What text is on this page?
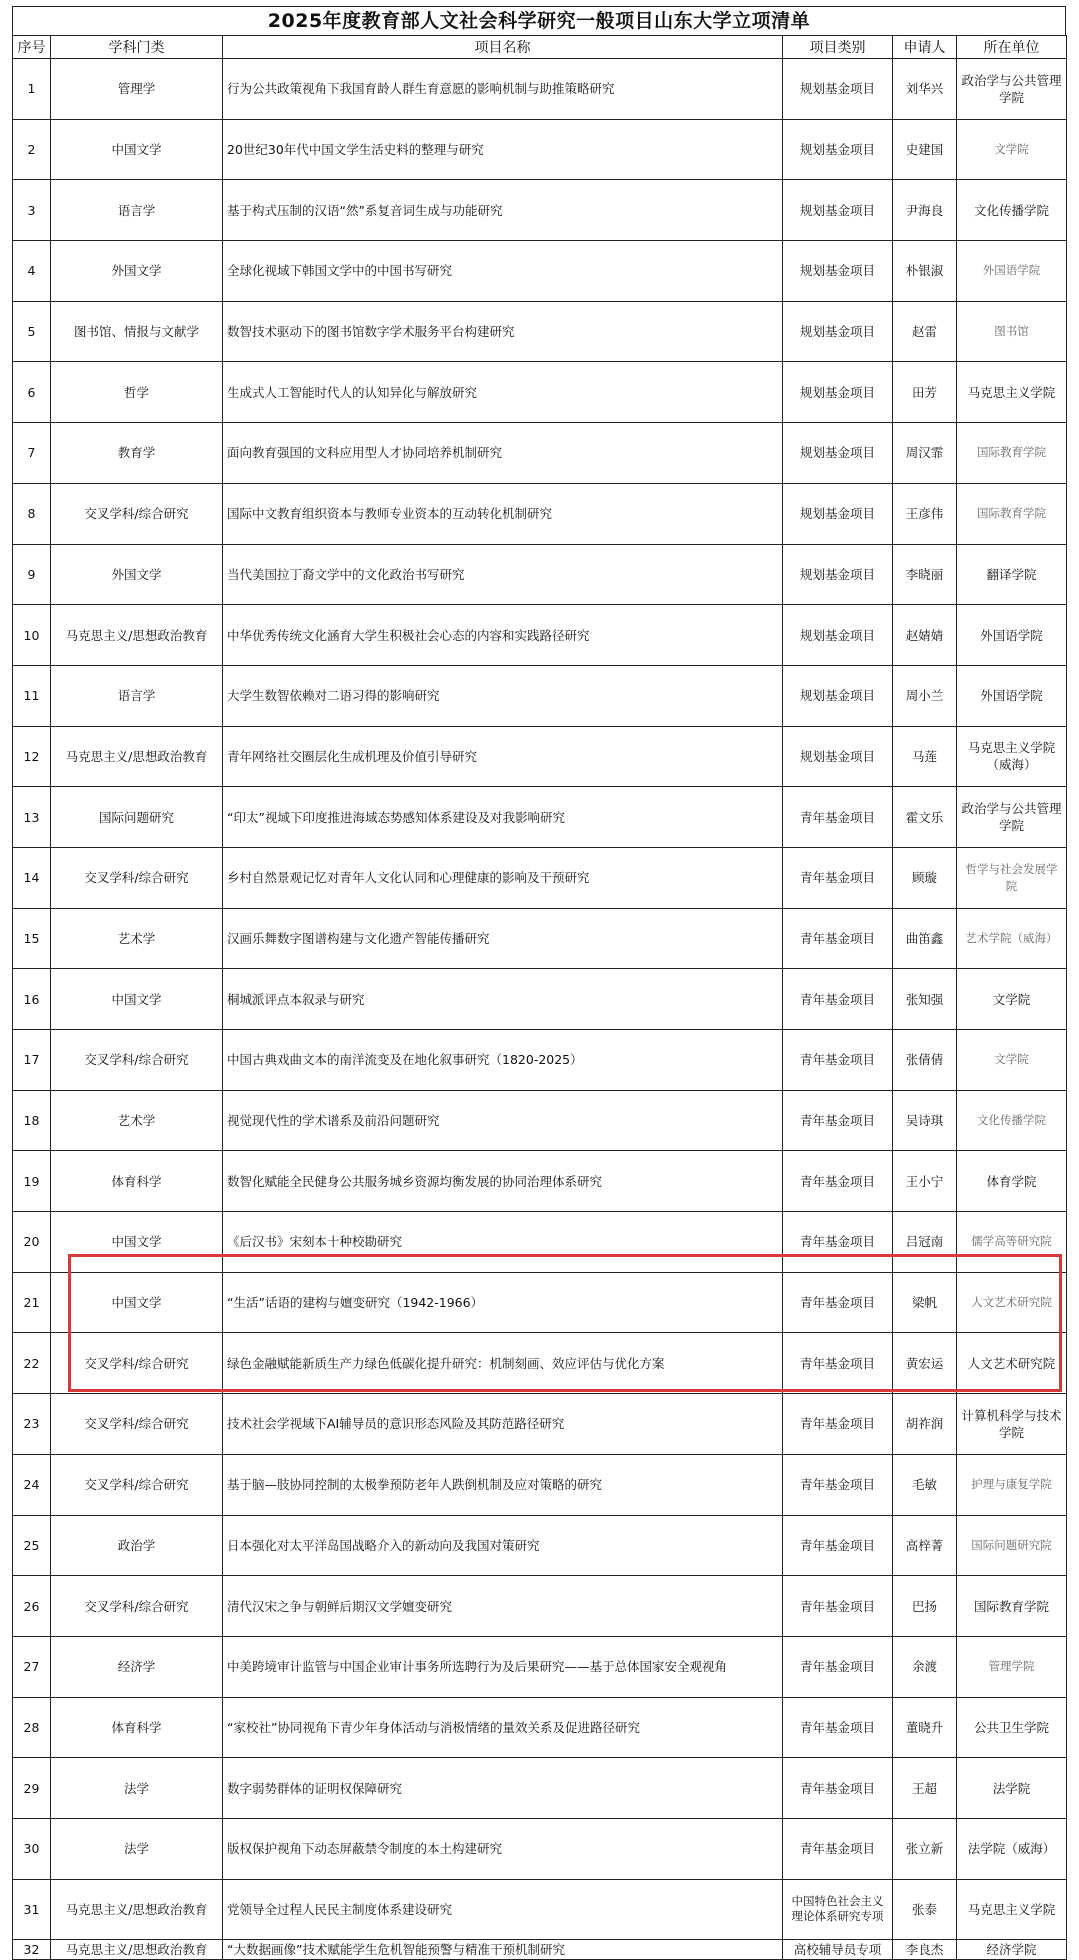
2025年度教育部人文社会科学研究一般项目山东大学立项清单
序号	学科门类	项目名称	项目类别	申请人	所在单位
1	管理学	行为公共政策视角下我国育龄人群生育意愿的影响机制与助推策略研究	规划基金项目	刘华兴	政治学与公共管理学院
2	中国文学	20世纪30年代中国文学生活史料的整理与研究	规划基金项目	史建国	文学院
3	语言学	基于构式压制的汉语“然”系复音词生成与功能研究	规划基金项目	尹海良	文化传播学院
4	外国文学	全球化视域下韩国文学中的中国书写研究	规划基金项目	朴银淑	外国语学院
5	图书馆、情报与文献学	数智技术驱动下的图书馆数字学术服务平台构建研究	规划基金项目	赵雷	图书馆
6	哲学	生成式人工智能时代人的认知异化与解放研究	规划基金项目	田芳	马克思主义学院
7	教育学	面向教育强国的文科应用型人才协同培养机制研究	规划基金项目	周汉霏	国际教育学院
8	交叉学科/综合研究	国际中文教育组织资本与教师专业资本的互动转化机制研究	规划基金项目	王彦伟	国际教育学院
9	外国文学	当代美国拉丁裔文学中的文化政治书写研究	规划基金项目	李晓丽	翻译学院
10	马克思主义/思想政治教育	中华优秀传统文化涵育大学生积极社会心态的内容和实践路径研究	规划基金项目	赵婧婧	外国语学院
11	语言学	大学生数智依赖对二语习得的影响研究	规划基金项目	周小兰	外国语学院
12	马克思主义/思想政治教育	青年网络社交圈层化生成机理及价值引导研究	规划基金项目	马莲	马克思主义学院（威海）
13	国际问题研究	“印太”视域下印度推进海域态势感知体系建设及对我影响研究	青年基金项目	霍文乐	政治学与公共管理学院
14	交叉学科/综合研究	乡村自然景观记忆对青年人文化认同和心理健康的影响及干预研究	青年基金项目	顾璇	哲学与社会发展学院
15	艺术学	汉画乐舞数字图谱构建与文化遗产智能传播研究	青年基金项目	曲笛鑫	艺术学院（威海）
16	中国文学	桐城派评点本叙录与研究	青年基金项目	张知强	文学院
17	交叉学科/综合研究	中国古典戏曲文本的南洋流变及在地化叙事研究（1820-2025）	青年基金项目	张倩倩	文学院
18	艺术学	视觉现代性的学术谱系及前沿问题研究	青年基金项目	吴诗琪	文化传播学院
19	体育科学	数智化赋能全民健身公共服务城乡资源均衡发展的协同治理体系研究	青年基金项目	王小宁	体育学院
20	中国文学	《后汉书》宋刻本十种校勘研究	青年基金项目	吕冠南	儒学高等研究院
21	中国文学	“生活”话语的建构与嬗变研究（1942-1966）	青年基金项目	梁帆	人文艺术研究院
22	交叉学科/综合研究	绿色金融赋能新质生产力绿色低碳化提升研究：机制刻画、效应评估与优化方案	青年基金项目	黄宏运	人文艺术研究院
23	交叉学科/综合研究	技术社会学视域下AI辅导员的意识形态风险及其防范路径研究	青年基金项目	胡祚润	计算机科学与技术学院
24	交叉学科/综合研究	基于脑—肢协同控制的太极拳预防老年人跌倒机制及应对策略的研究	青年基金项目	毛敏	护理与康复学院
25	政治学	日本强化对太平洋岛国战略介入的新动向及我国对策研究	青年基金项目	高梓菁	国际问题研究院
26	交叉学科/综合研究	清代汉宋之争与朝鲜后期汉文学嬗变研究	青年基金项目	巴扬	国际教育学院
27	经济学	中美跨境审计监管与中国企业审计事务所选聘行为及后果研究——基于总体国家安全观视角	青年基金项目	余渡	管理学院
28	体育科学	“家校社”协同视角下青少年身体活动与消极情绪的量效关系及促进路径研究	青年基金项目	董晓升	公共卫生学院
29	法学	数字弱势群体的证明权保障研究	青年基金项目	王超	法学院
30	法学	版权保护视角下动态屏蔽禁令制度的本土构建研究	青年基金项目	张立新	法学院（威海）
31	马克思主义/思想政治教育	党领导全过程人民民主制度体系建设研究	中国特色社会主义理论体系研究专项	张泰	马克思主义学院
32	马克思主义/思想政治教育	“大数据画像”技术赋能学生危机智能预警与精准干预机制研究	高校辅导员专项	李良杰	经济学院
